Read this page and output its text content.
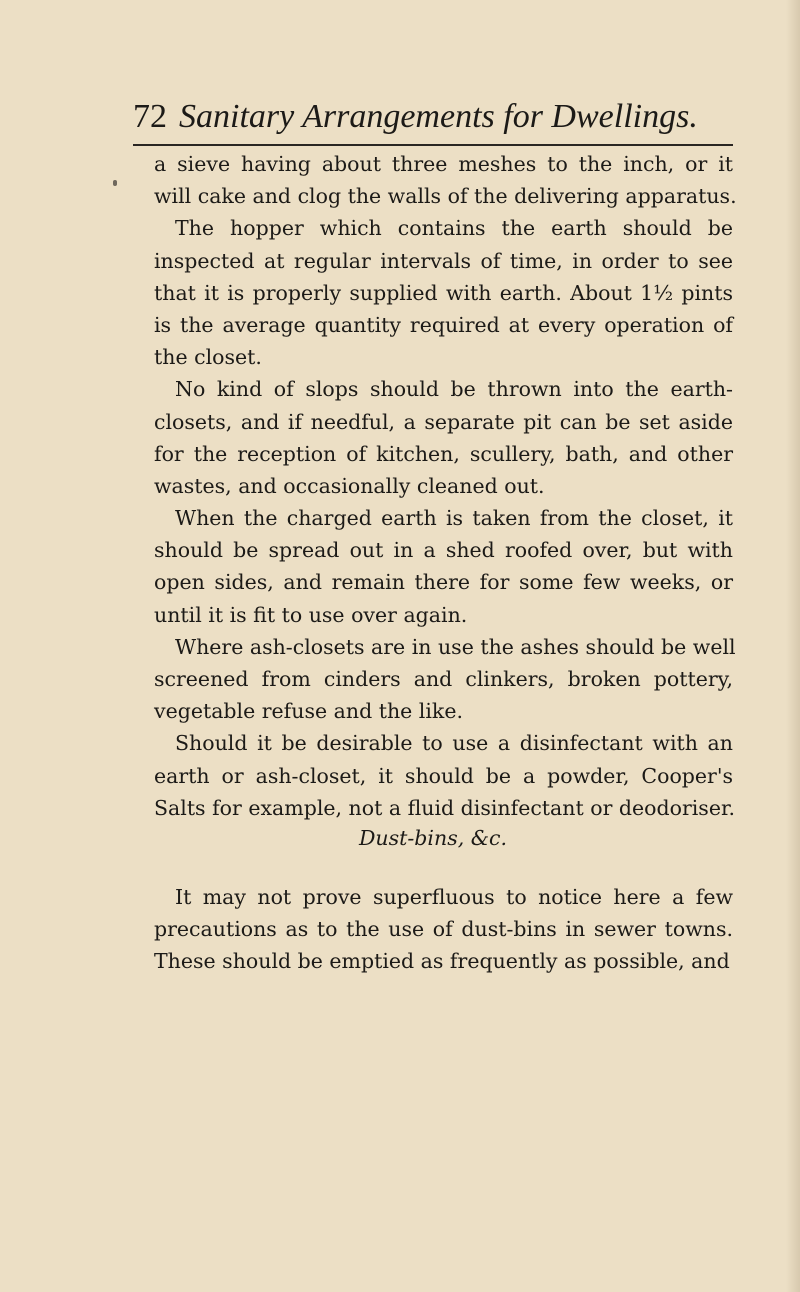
72 Sanitary Arrangements for Dwellings.
a sieve having about three meshes to the inch, or it
will cake and clog the walls of the delivering apparatus.
The hopper which contains the earth should be
inspected at regular intervals of time, in order to see
that it is properly supplied with earth. About 1½ pints
is the average quantity required at every operation of
the closet.
No kind of slops should be thrown into the earth-
closets, and if needful, a separate pit can be set aside
for the reception of kitchen, scullery, bath, and other
wastes, and occasionally cleaned out.
When the charged earth is taken from the closet, it
should be spread out in a shed roofed over, but with
open sides, and remain there for some few weeks, or
until it is fit to use over again.
Where ash-closets are in use the ashes should be well
screened from cinders and clinkers, broken pottery,
vegetable refuse and the like.
Should it be desirable to use a disinfectant with an
earth or ash-closet, it should be a powder, Cooper's
Salts for example, not a fluid disinfectant or deodoriser.
Dust-bins, &c.
It may not prove superfluous to notice here a few
precautions as to the use of dust-bins in sewer towns.
These should be emptied as frequently as possible, and
